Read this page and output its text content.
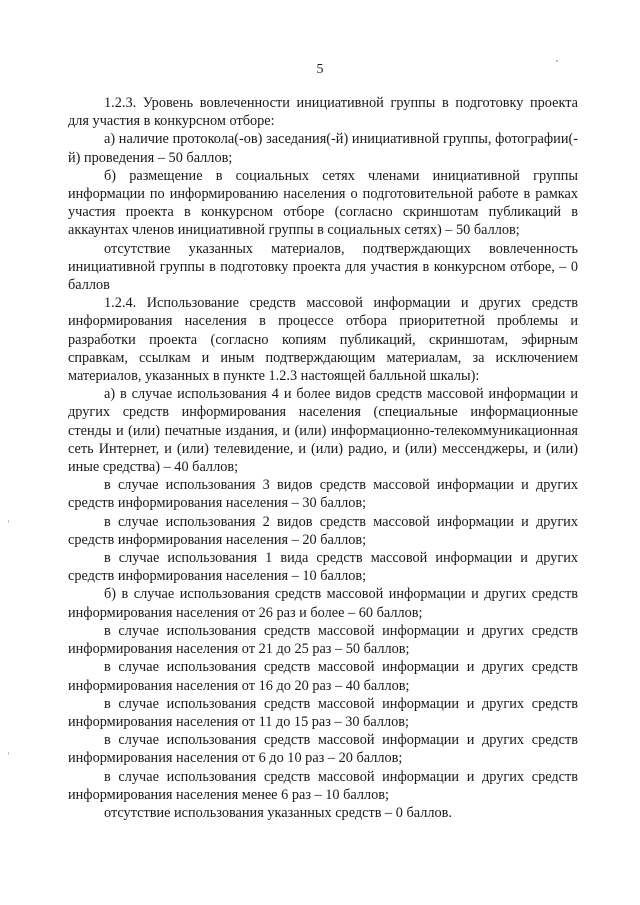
5

1.2.3. Уровень вовлеченности инициативной группы в подготовку проекта для участия в конкурсном отборе:

а) наличие протокола(-ов) заседания(-й) инициативной группы, фотографии(-й) проведения – 50 баллов;

б) размещение в социальных сетях членами инициативной группы информации по информированию населения о подготовительной работе в рамках участия проекта в конкурсном отборе (согласно скриншотам публикаций в аккаунтах членов инициативной группы в социальных сетях) – 50 баллов;

отсутствие указанных материалов, подтверждающих вовлеченность инициативной группы в подготовку проекта для участия в конкурсном отборе, – 0 баллов

1.2.4. Использование средств массовой информации и других средств информирования населения в процессе отбора приоритетной проблемы и разработки проекта (согласно копиям публикаций, скриншотам, эфирным справкам, ссылкам и иным подтверждающим материалам, за исключением материалов, указанных в пункте 1.2.3 настоящей балльной шкалы):

а) в случае использования 4 и более видов средств массовой информации и других средств информирования населения (специальные информационные стенды и (или) печатные издания, и (или) информационно-телекоммуникационная сеть Интернет, и (или) телевидение, и (или) радио, и (или) мессенджеры, и (или) иные средства) – 40 баллов;

в случае использования 3 видов средств массовой информации и других средств информирования населения – 30 баллов;

в случае использования 2 видов средств массовой информации и других средств информирования населения – 20 баллов;

в случае использования 1 вида средств массовой информации и других средств информирования населения – 10 баллов;

б) в случае использования средств массовой информации и других средств информирования населения от 26 раз и более – 60 баллов;

в случае использования средств массовой информации и других средств информирования населения от 21 до 25 раз – 50 баллов;

в случае использования средств массовой информации и других средств информирования населения от 16 до 20 раз – 40 баллов;

в случае использования средств массовой информации и других средств информирования населения от 11 до 15 раз – 30 баллов;

в случае использования средств массовой информации и других средств информирования населения от 6 до 10 раз – 20 баллов;

в случае использования средств массовой информации и других средств информирования населения менее 6 раз – 10 баллов;

отсутствие использования указанных средств – 0 баллов.
